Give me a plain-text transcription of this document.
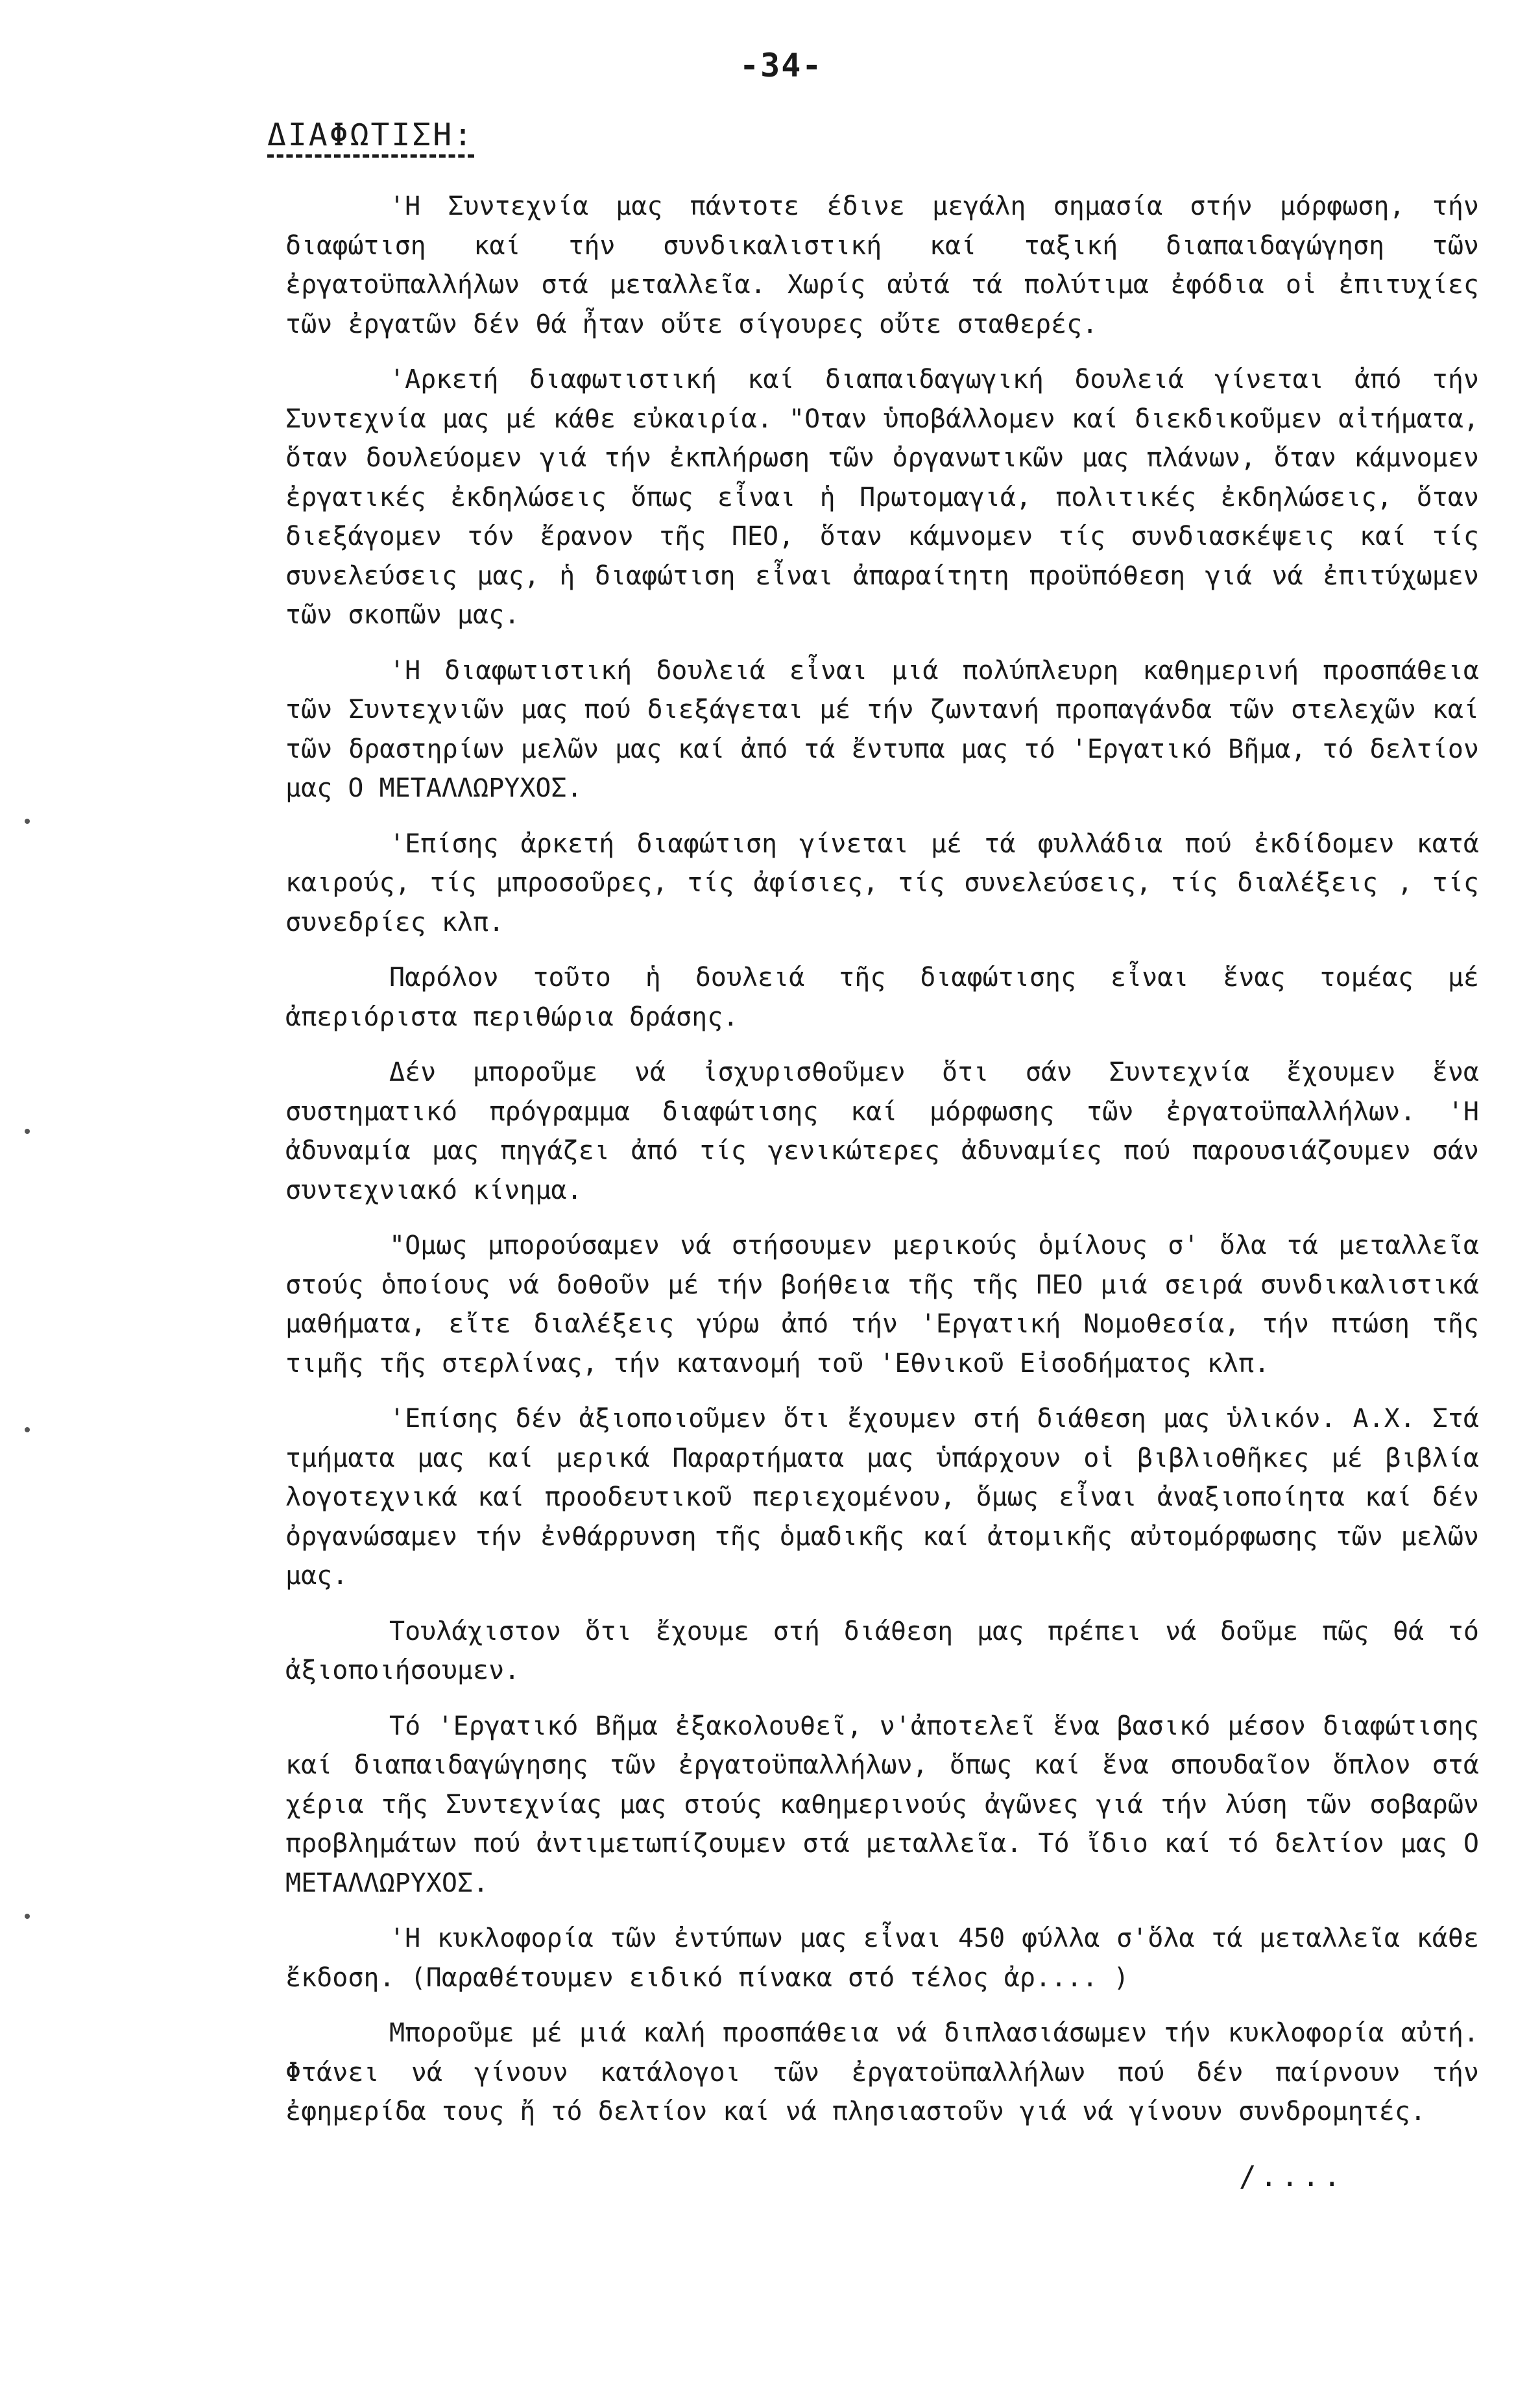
-34-
ΔΙΑΦΩΤΙΣΗ:

'Η Συντεχνία μας πάντοτε έδινε μεγάλη σημασία στήν μόρφωση, τήν διαφώτιση καί τήν συνδικαλιστική καί ταξική διαπαιδαγώγηση τῶν ἐργατοϋπαλλήλων στά μεταλλεῖα. Χωρίς αὐτά τά πολύτιμα ἐφόδια οἱ ἐπιτυχίες τῶν ἐργατῶν δέν θά ἦταν οὔτε σίγουρες οὔτε σταθερές.

'Αρκετή διαφωτιστική καί διαπαιδαγωγική δουλειά γίνεται ἀπό τήν Συντεχνία μας μέ κάθε εὐκαιρία. "Οταν ὑποβάλλομεν καί διεκδικοῦμεν αἰτήματα, ὅταν δουλεύομεν γιά τήν ἐκπλήρωση τῶν ὀργανωτικῶν μας πλάνων, ὅταν κάμνομεν ἐργατικές ἐκδηλώσεις ὅπως εἶναι ἡ Πρωτομαγιά, πολιτικές ἐκδηλώσεις, ὅταν διεξάγομεν τόν ἔρανον τῆς ΠΕΟ, ὅταν κάμνομεν τίς συνδιασκέψεις καί τίς συνελεύσεις μας, ἡ διαφώτιση εἶναι ἀπαραίτητη προϋπόθεση γιά νά ἐπιτύχωμεν τῶν σκοπῶν μας.

'Η διαφωτιστική δουλειά εἶναι μιά πολύπλευρη καθημερινή προσπάθεια τῶν Συντεχνιῶν μας πού διεξάγεται μέ τήν ζωντανή προπαγάνδα τῶν στελεχῶν καί τῶν δραστηρίων μελῶν μας καί ἀπό τά ἔντυπα μας τό 'Εργατικό Βῆμα, τό δελτίον μας Ο ΜΕΤΑΛΛΩΡΥΧΟΣ.

'Επίσης ἀρκετή διαφώτιση γίνεται μέ τά φυλλάδια πού ἐκδίδομεν κατά καιρούς, τίς μπροσοῦρες, τίς ἀφίσιες, τίς συνελεύσεις, τίς διαλέξεις , τίς συνεδρίες κλπ.

Παρόλον τοῦτο ἡ δουλειά τῆς διαφώτισης εἶναι ἕνας τομέας μέ ἀπεριόριστα περιθώρια δράσης.

Δέν μποροῦμε νά ἰσχυρισθοῦμεν ὅτι σάν Συντεχνία ἔχουμεν ἕνα συστηματικό πρόγραμμα διαφώτισης καί μόρφωσης τῶν ἐργατοϋπαλλήλων. 'Η ἀδυναμία μας πηγάζει ἀπό τίς γενικώτερες ἀδυναμίες πού παρουσιάζουμεν σάν συντεχνιακό κίνημα.

"Ομως μπορούσαμεν νά στήσουμεν μερικούς ὁμίλους σ' ὅλα τά μεταλλεῖα στούς ὁποίους νά δοθοῦν μέ τήν βοήθεια τῆς τῆς ΠΕΟ μιά σειρά συνδικαλιστικά μαθήματα, εἴτε διαλέξεις γύρω ἀπό τήν 'Εργατική Νομοθεσία, τήν πτώση τῆς τιμῆς τῆς στερλίνας, τήν κατανομή τοῦ 'Εθνικοῦ Εἰσοδήματος κλπ.

'Επίσης δέν ἀξιοποιοῦμεν ὅτι ἔχουμεν στή διάθεση μας ὑλικόν. Α.Χ. Στά τμήματα μας καί μερικά Παραρτήματα μας ὑπάρχουν οἱ βιβλιοθῆκες μέ βιβλία λογοτεχνικά καί προοδευτικοῦ περιεχομένου, ὅμως εἶναι ἀναξιοποίητα καί δέν ὀργανώσαμεν τήν ἐνθάρρυνση τῆς ὁμαδικῆς καί ἀτομικῆς αὐτομόρφωσης τῶν μελῶν μας.

Τουλάχιστον ὅτι ἔχουμε στή διάθεση μας πρέπει νά δοῦμε πῶς θά τό ἀξιοποιήσουμεν.

Τό 'Εργατικό Βῆμα ἐξακολουθεῖ, ν'ἀποτελεῖ ἕνα βασικό μέσον διαφώτισης καί διαπαιδαγώγησης τῶν ἐργατοϋπαλλήλων, ὅπως καί ἕνα σπουδαῖον ὅπλον στά χέρια τῆς Συντεχνίας μας στούς καθημερινούς ἀγῶνες γιά τήν λύση τῶν σοβαρῶν προβλημάτων πού ἀντιμετωπίζουμεν στά μεταλλεῖα. Τό ἴδιο καί τό δελτίον μας Ο ΜΕΤΑΛΛΩΡΥΧΟΣ.

'Η κυκλοφορία τῶν ἐντύπων μας εἶναι 450 φύλλα σ'ὅλα τά μεταλλεῖα κάθε ἔκδοση. (Παραθέτουμεν ειδικό πίνακα στό τέλος ἀρ.... )

Μποροῦμε μέ μιά καλή προσπάθεια νά διπλασιάσωμεν τήν κυκλοφορία αὐτή. Φτάνει νά γίνουν κατάλογοι τῶν ἐργατοϋπαλλήλων πού δέν παίρνουν τήν ἐφημερίδα τους ἤ τό δελτίον καί νά πλησιαστοῦν γιά νά γίνουν συνδρομητές.

/....
